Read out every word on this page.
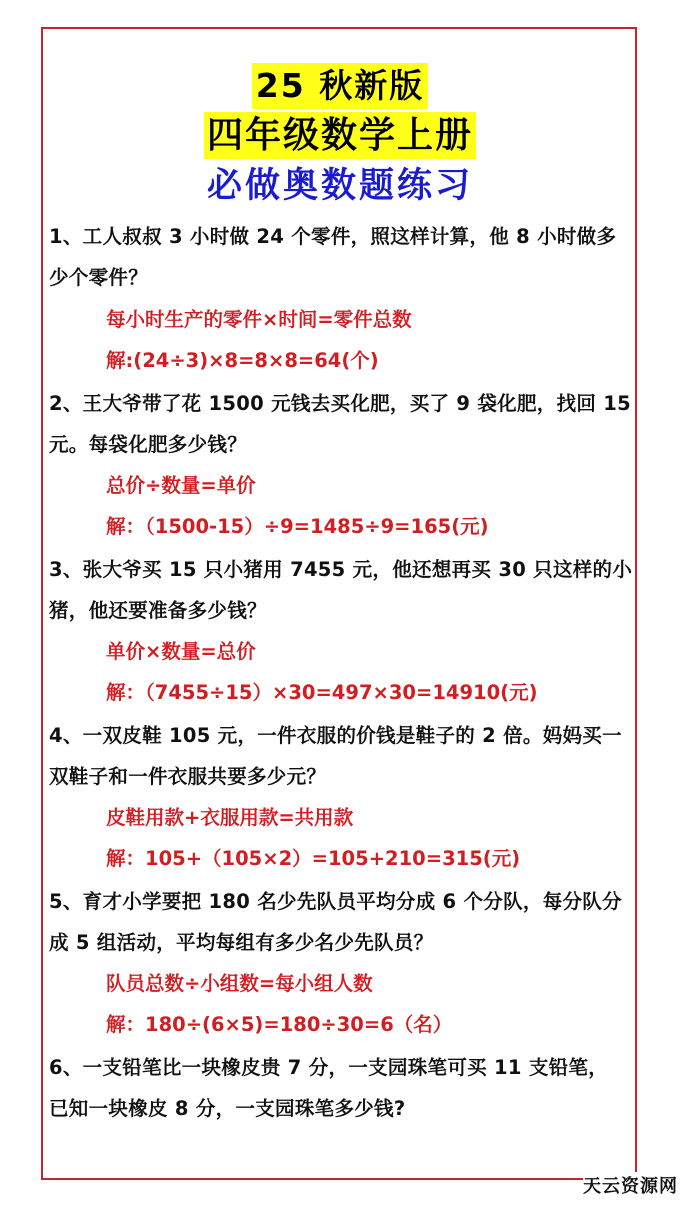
25 秋新版
四年级数学上册
必做奥数题练习
1、工人叔叔 3 小时做 24 个零件，照这样计算，他 8 小时做多
少个零件？
每小时生产的零件×时间=零件总数
解:(24÷3)×8=8×8=64(个)
2、王大爷带了花 1500 元钱去买化肥，买了 9 袋化肥，找回 15
元。每袋化肥多少钱？
总价÷数量=单价
解：（1500-15）÷9=1485÷9=165(元)
3、张大爷买 15 只小猪用 7455 元，他还想再买 30 只这样的小
猪，他还要准备多少钱？
单价×数量=总价
解：（7455÷15）×30=497×30=14910(元)
4、一双皮鞋 105 元，一件衣服的价钱是鞋子的 2 倍。妈妈买一
双鞋子和一件衣服共要多少元？
皮鞋用款+衣服用款=共用款
解：105+（105×2）=105+210=315(元)
5、育才小学要把 180 名少先队员平均分成 6 个分队，每分队分
成 5 组活动，平均每组有多少名少先队员？
队员总数÷小组数=每小组人数
解：180÷(6×5)=180÷30=6（名）
6、一支铅笔比一块橡皮贵 7 分，一支园珠笔可买 11 支铅笔，
已知一块橡皮 8 分，一支园珠笔多少钱?
天云资源网
